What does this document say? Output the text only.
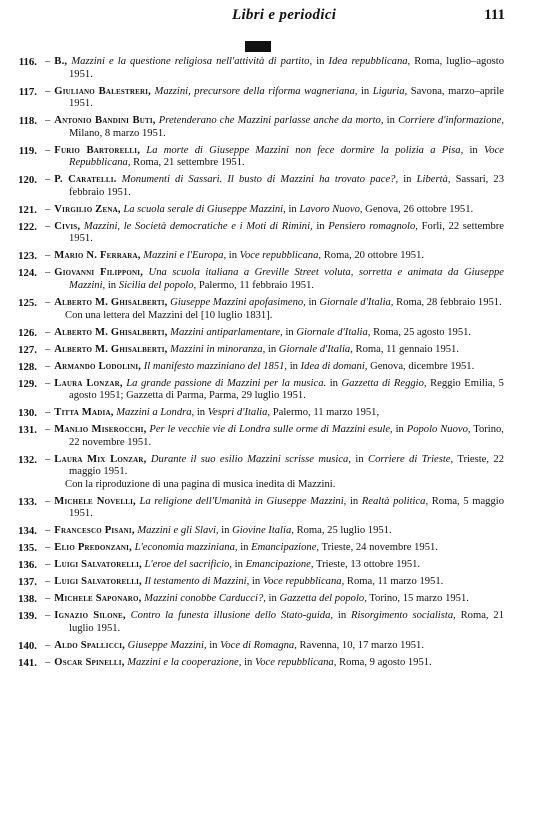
Libri e periodici	111
116. – B., Mazzini e la questione religiosa nell'attività di partito, in Idea repubblicana, Roma, luglio–agosto 1951.
117. – Giuliano Balestreri, Mazzini, precursore della riforma wagneriana, in Liguria, Savona, marzo–aprile 1951.
118. – Antonio Bandini Buti, Pretenderano che Mazzini parlasse anche da morto, in Corriere d'informazione, Milano, 8 marzo 1951.
119. – Furio Bartorelli, La morte di Giuseppe Mazzini non fece dormire la polizia a Pisa, in Voce Repubblicana, Roma, 21 settembre 1951.
120. – P. Caratelli. Monumenti di Sassari. Il busto di Mazzini ha trovato pace?, in Libertà, Sassari, 23 febbraio 1951.
121. – Virgilio Zena, La scuola serale di Giuseppe Mazzini, in Lavoro Nuovo, Genova, 26 ottobre 1951.
122. – Civis, Mazzini, le Società democratiche e i Moti di Rimini, in Pensiero romagnolo, Forlì, 22 settembre 1951.
123. – Mario N. Ferrara, Mazzini e l'Europa, in Voce repubblicana, Roma, 20 ottobre 1951.
124. – Giovanni Filipponi, Una scuola italiana a Greville Street voluta, sorretta e animata da Giuseppe Mazzini, in Sicilia del popolo, Palermo, 11 febbraio 1951.
125. – Alberto M. Ghisalberti, Giuseppe Mazzini apofasimeno, in Giornale d'Italia, Roma, 28 febbraio 1951.
Con una lettera del Mazzini del [10 luglio 1831].
126. – Alberto M. Ghisalberti, Mazzini antiparlamentare, in Giornale d'Italia, Roma, 25 agosto 1951.
127. – Alberto M. Ghisalberti, Mazzini in minoranza, in Giornale d'Italia, Roma, 11 gennaio 1951.
128. – Armando Lodolini, Il manifesto mazziniano del 1851, in Idea di domani, Genova, dicembre 1951.
129. – Laura Lonzar, La grande passione di Mazzini per la musica. in Gazzetta di Reggio, Reggio Emilia, 5 agosto 1951; Gazzetta di Parma, Parma, 29 luglio 1951.
130. – Titta Madia, Mazzini a Londra, in Vespri d'Italia, Palermo, 11 marzo 1951,
131. – Manlio Miserocchi, Per le vecchie vie di Londra sulle orme di Mazzini esule, in Popolo Nuovo, Torino, 22 novembre 1951.
132. – Laura Mix Lonzar, Durante il suo esilio Mazzini scrisse musica, in Corriere di Trieste, Trieste, 22 maggio 1951.
Con la riproduzione di una pagina di musica inedita di Mazzini.
133. – Michele Novelli, La religione dell'Umanità in Giuseppe Mazzini, in Realtà politica, Roma, 5 maggio 1951.
134. – Francesco Pisani, Mazzini e gli Slavi, in Giovine Italia, Roma, 25 luglio 1951.
135. – Elio Predonzani, L'economia mazziniana, in Emancipazione, Trieste, 24 novembre 1951.
136. – Luigi Salvatorelli, L'eroe del sacrificio, in Emancipazione, Trieste, 13 ottobre 1951.
137. – Luigi Salvatorelli, Il testamento di Mazzini, in Voce repubblicana, Roma, 11 marzo 1951.
138. – Michele Saponaro, Mazzini conobbe Carducci?, in Gazzetta del popolo, Torino, 15 marzo 1951.
139. – Ignazio Silone, Contro la funesta illusione dello Stato-guida, in Risorgimento socialista, Roma, 21 luglio 1951.
140. – Aldo Spallicci, Giuseppe Mazzini, in Voce di Romagna, Ravenna, 10, 17 marzo 1951.
141. – Oscar Spinelli, Mazzini e la cooperazione, in Voce repubblicana, Roma, 9 agosto 1951.
